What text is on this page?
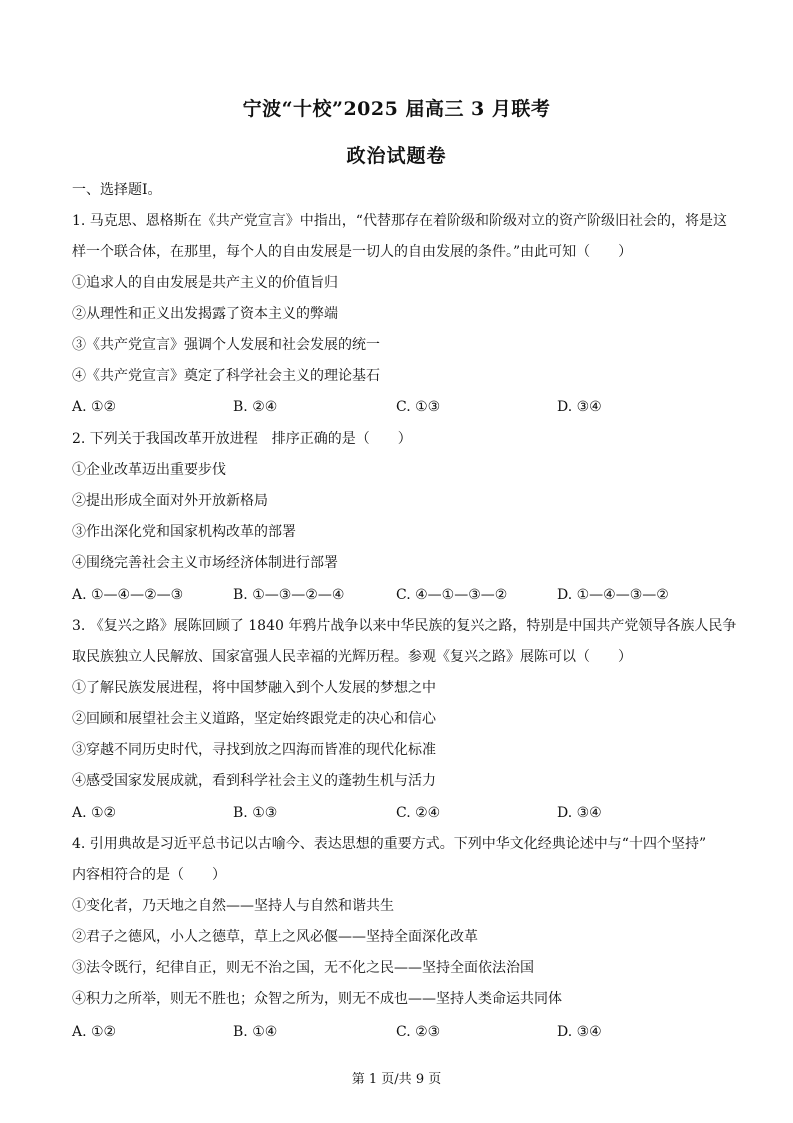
宁波“十校”2025 届高三 3 月联考
政治试题卷
一、选择题Ⅰ。
1. 马克思、恩格斯在《共产党宣言》中指出，“代替那存在着阶级和阶级对立的资产阶级旧社会的，将是这
样一个联合体，在那里，每个人的自由发展是一切人的自由发展的条件。”由此可知（　　）
①追求人的自由发展是共产主义的价值旨归
②从理性和正义出发揭露了资本主义的弊端
③《共产党宣言》强调个人发展和社会发展的统一
④《共产党宣言》奠定了科学社会主义的理论基石
A. ①②	B. ②④	C. ①③	D. ③④
2. 下列关于我国改革开放进程　排序正确的是（　　）
①企业改革迈出重要步伐
②提出形成全面对外开放新格局
③作出深化党和国家机构改革的部署
④围绕完善社会主义市场经济体制进行部署
A. ①—④—②—③	B. ①—③—②—④	C. ④—①—③—②	D. ①—④—③—②
3. 《复兴之路》展陈回顾了 1840 年鸦片战争以来中华民族的复兴之路，特别是中国共产党领导各族人民争
取民族独立人民解放、国家富强人民幸福的光辉历程。参观《复兴之路》展陈可以（　　）
①了解民族发展进程，将中国梦融入到个人发展的梦想之中
②回顾和展望社会主义道路，坚定始终跟党走的决心和信心
③穿越不同历史时代，寻找到放之四海而皆准的现代化标准
④感受国家发展成就，看到科学社会主义的蓬勃生机与活力
A. ①②	B. ①③	C. ②④	D. ③④
4. 引用典故是习近平总书记以古喻今、表达思想的重要方式。下列中华文化经典论述中与“十四个坚持”
内容相符合的是（　　）
①变化者，乃天地之自然——坚持人与自然和谐共生
②君子之德风，小人之德草，草上之风必偃——坚持全面深化改革
③法令既行，纪律自正，则无不治之国，无不化之民——坚持全面依法治国
④积力之所举，则无不胜也；众智之所为，则无不成也——坚持人类命运共同体
A. ①②	B. ①④	C. ②③	D. ③④
第 1 页/共 9 页
